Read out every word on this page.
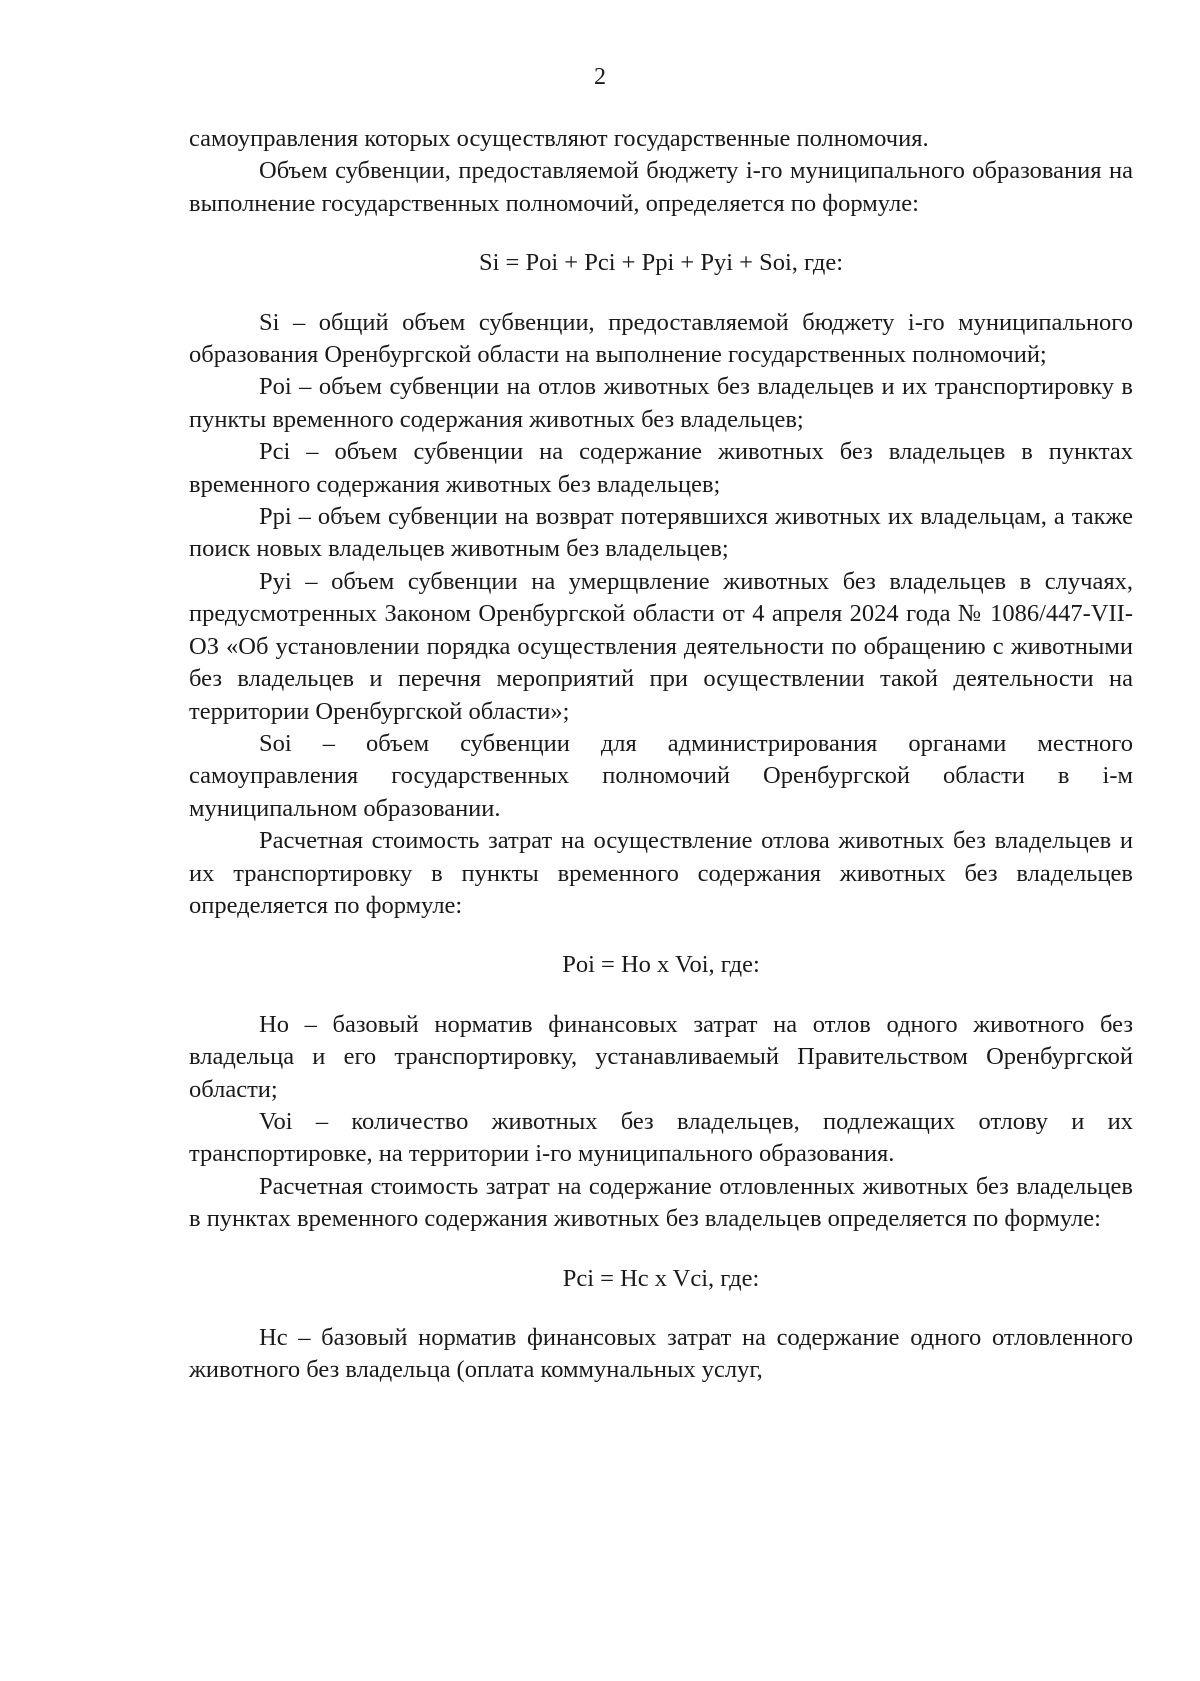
2

самоуправления которых осуществляют государственные полномочия.

Объем субвенции, предоставляемой бюджету i-го муниципального образования на выполнение государственных полномочий, определяется по формуле:

Si = Poi + Pci + Ppi + Pyi + Soi, где:

Si – общий объем субвенции, предоставляемой бюджету i-го муниципального образования Оренбургской области на выполнение государственных полномочий;

Poi – объем субвенции на отлов животных без владельцев и их транспортировку в пункты временного содержания животных без владельцев;

Pci – объем субвенции на содержание животных без владельцев в пунктах временного содержания животных без владельцев;

Ppi – объем субвенции на возврат потерявшихся животных их владельцам, а также поиск новых владельцев животным без владельцев;

Pyi – объем субвенции на умерщвление животных без владельцев в случаях, предусмотренных Законом Оренбургской области от 4 апреля 2024 года № 1086/447-VII-ОЗ «Об установлении порядка осуществления деятельности по обращению с животными без владельцев и перечня мероприятий при осуществлении такой деятельности на территории Оренбургской области»;

Soi – объем субвенции для администрирования органами местного самоуправления государственных полномочий Оренбургской области в i-м муниципальном образовании.

Расчетная стоимость затрат на осуществление отлова животных без владельцев и их транспортировку в пункты временного содержания животных без владельцев определяется по формуле:

Poi = Ho x Voi, где:

Ho – базовый норматив финансовых затрат на отлов одного животного без владельца и его транспортировку, устанавливаемый Правительством Оренбургской области;

Voi – количество животных без владельцев, подлежащих отлову и их транспортировке, на территории i-го муниципального образования.

Расчетная стоимость затрат на содержание отловленных животных без владельцев в пунктах временного содержания животных без владельцев определяется по формуле:

Pci = Hc x Vci, где:

Hc – базовый норматив финансовых затрат на содержание одного отловленного животного без владельца (оплата коммунальных услуг,
